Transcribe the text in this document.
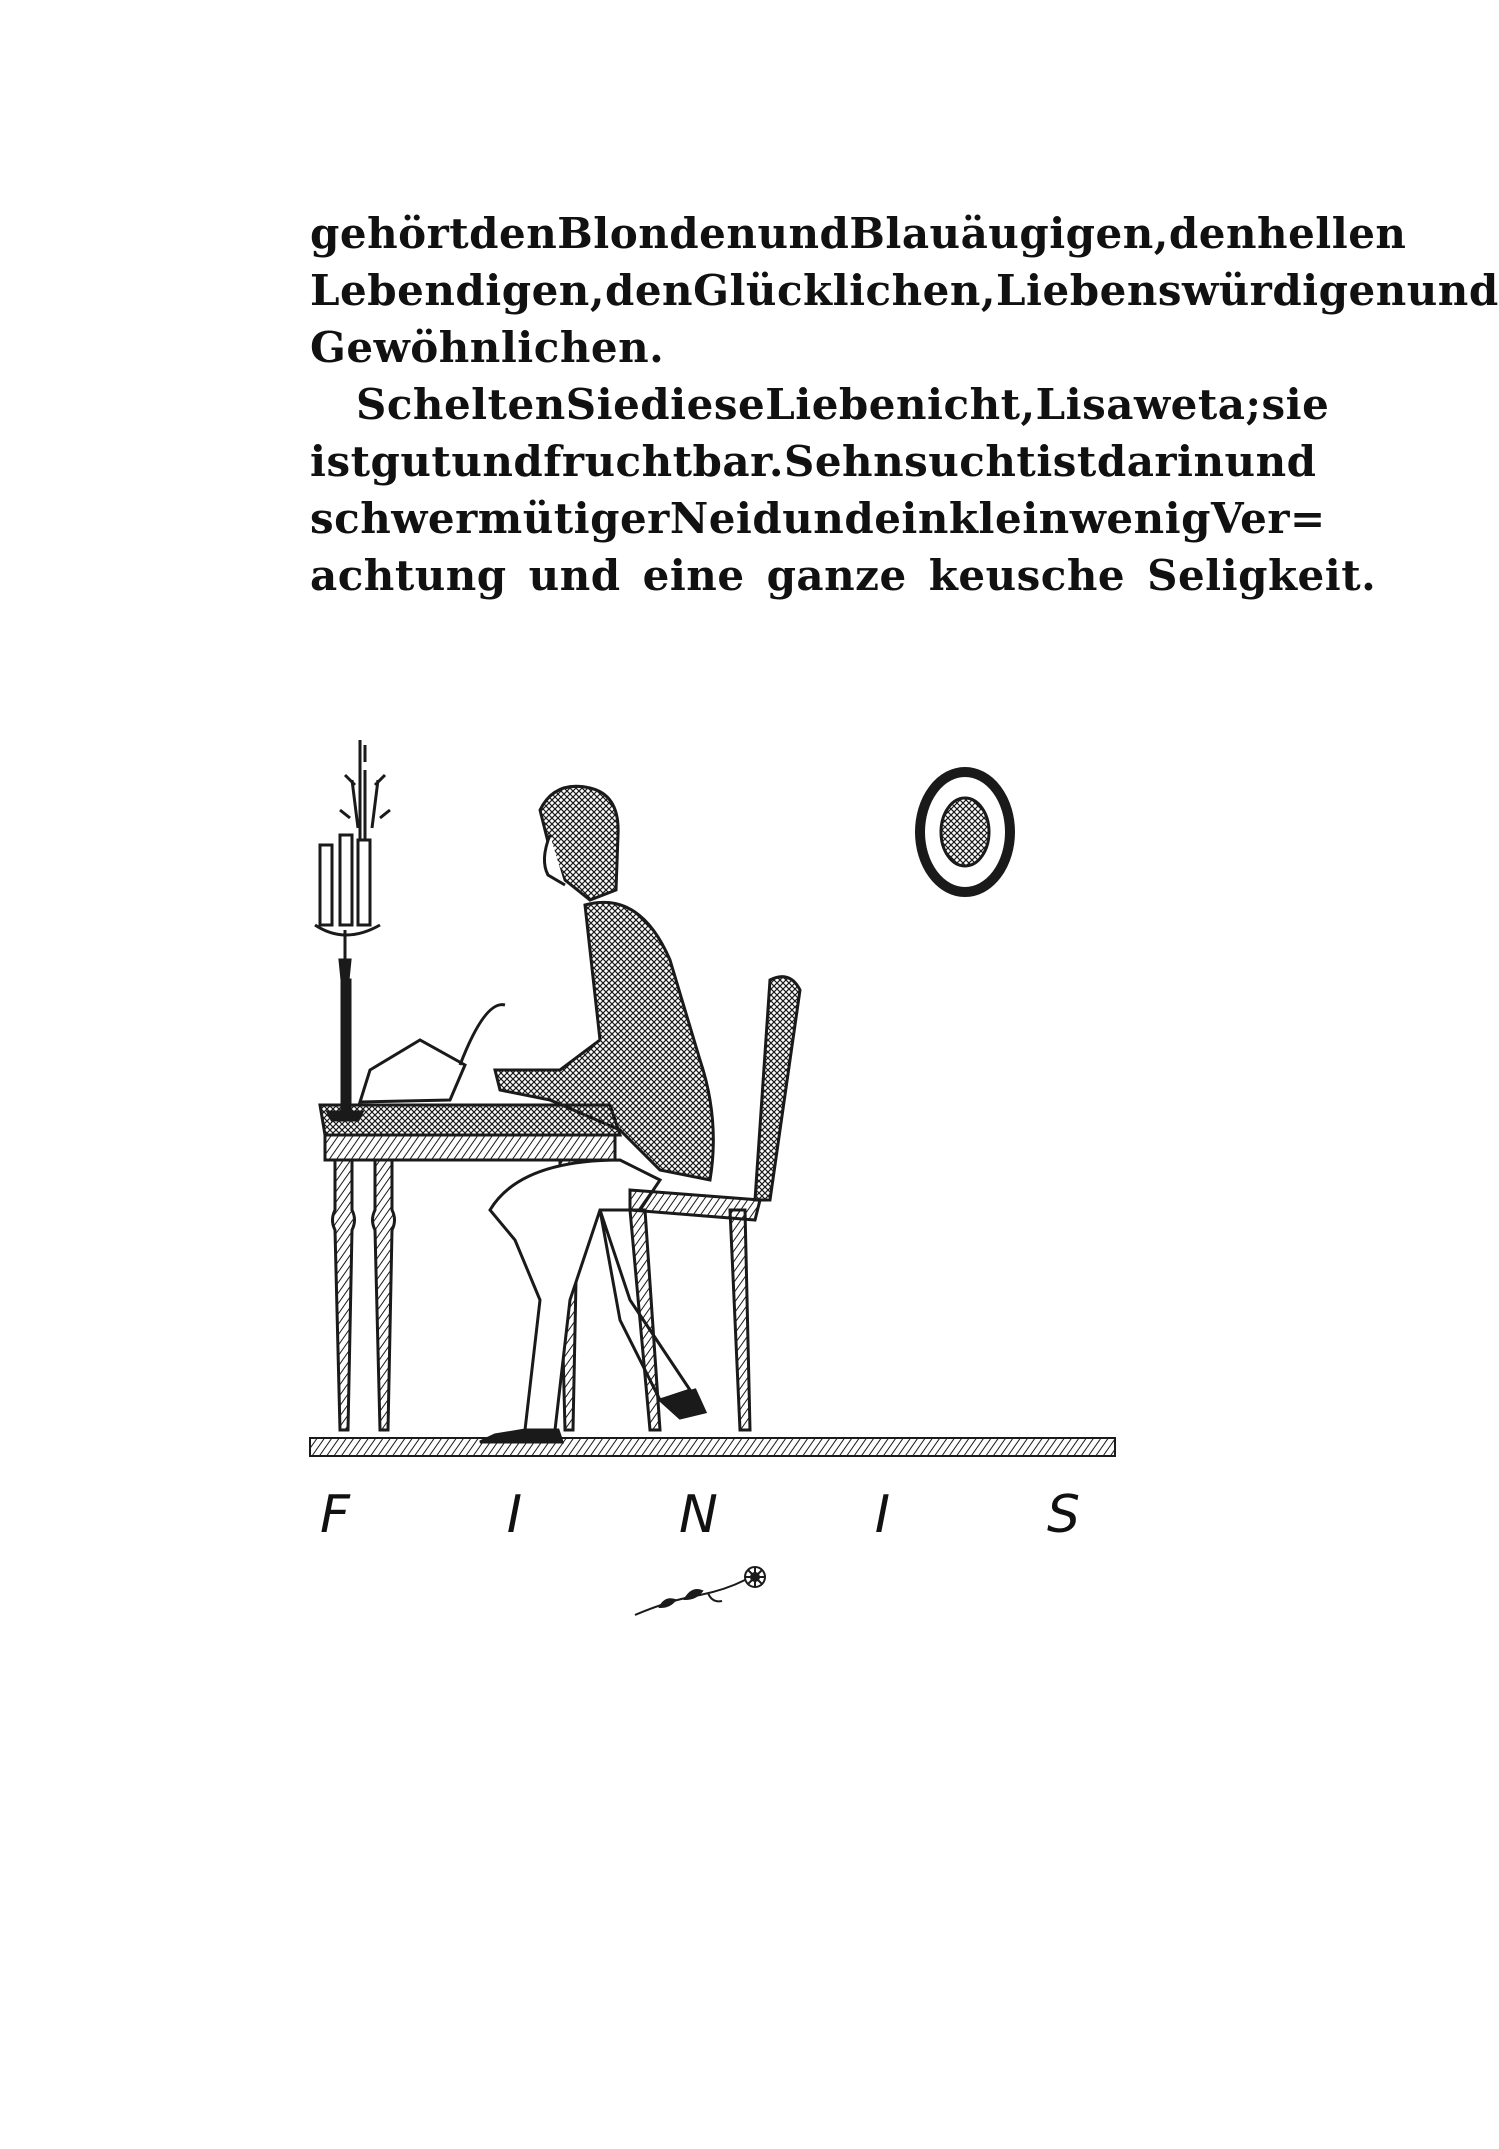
gehört den Blonden und Blauäugigen, den hellen
Lebendigen, den Glücklichen, Liebenswürdigen und
Gewöhnlichen.
Schelten Sie diese Liebe nicht, Lisaweta; sie
ist gut und fruchtbar. Sehnsucht ist darin und
schwermütiger Neid und ein klein wenig Ver=
achtung und eine ganze keusche Seligkeit.
F	I	N	I	S
